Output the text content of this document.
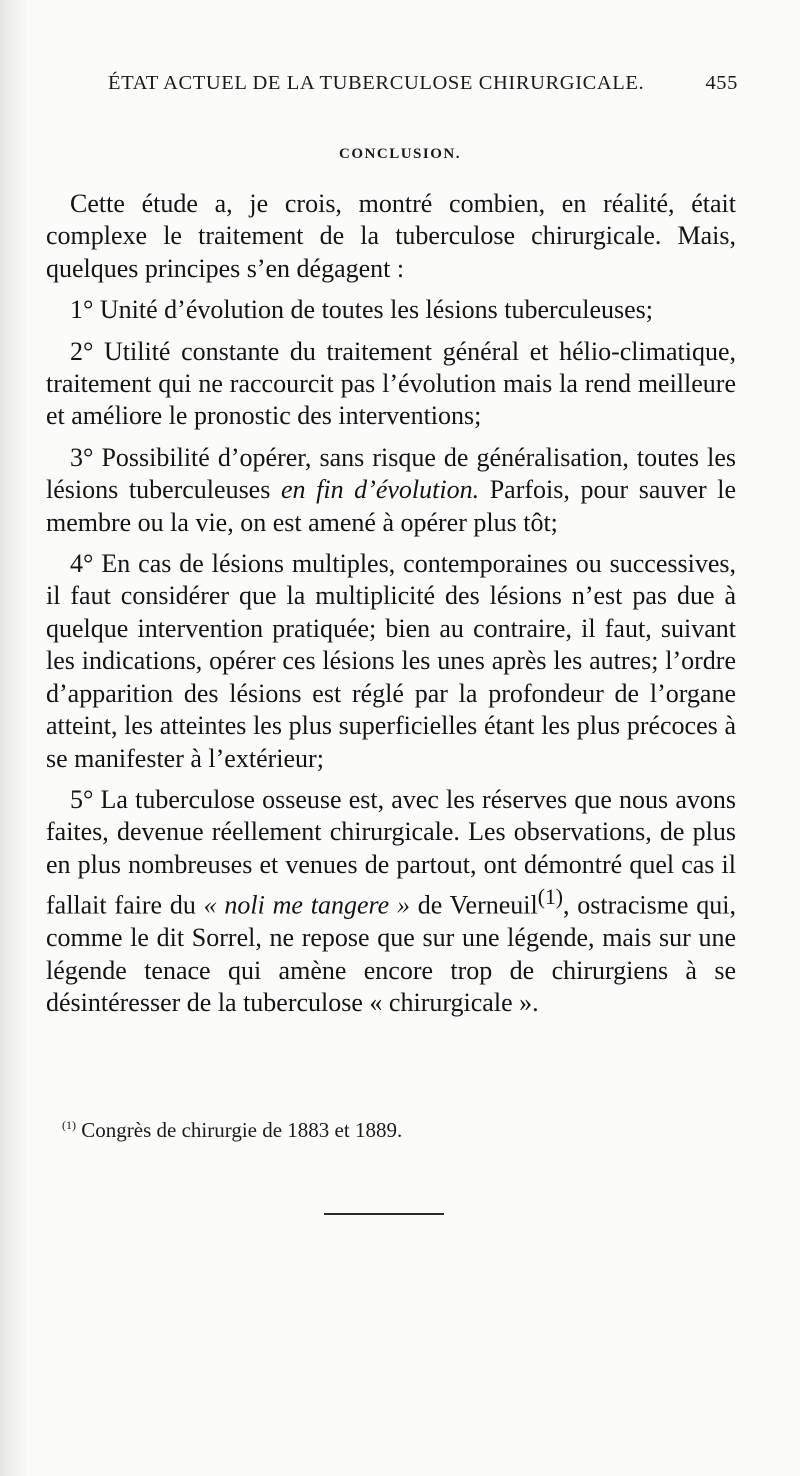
ÉTAT ACTUEL DE LA TUBERCULOSE CHIRURGICALE.	455
CONCLUSION.

Cette étude a, je crois, montré combien, en réalité, était complexe le traitement de la tuberculose chirurgicale. Mais, quelques principes s’en dégagent :

1° Unité d’évolution de toutes les lésions tuberculeuses;

2° Utilité constante du traitement général et hélio-climatique, traitement qui ne raccourcit pas l’évolution mais la rend meilleure et améliore le pronostic des interventions;

3° Possibilité d’opérer, sans risque de généralisation, toutes les lésions tuberculeuses en fin d’évolution. Parfois, pour sauver le membre ou la vie, on est amené à opérer plus tôt;

4° En cas de lésions multiples, contemporaines ou successives, il faut considérer que la multiplicité des lésions n’est pas due à quelque intervention pratiquée; bien au contraire, il faut, suivant les indications, opérer ces lésions les unes après les autres; l’ordre d’apparition des lésions est réglé par la profondeur de l’organe atteint, les atteintes les plus superficielles étant les plus précoces à se manifester à l’extérieur;

5° La tuberculose osseuse est, avec les réserves que nous avons faites, devenue réellement chirurgicale. Les observations, de plus en plus nombreuses et venues de partout, ont démontré quel cas il fallait faire du « noli me tangere » de Verneuil$^{(1)}$, ostracisme qui, comme le dit Sorrel, ne repose que sur une légende, mais sur une légende tenace qui amène encore trop de chirurgiens à se désintéresser de la tuberculose « chirurgicale ».

$^{(1)}$ Congrès de chirurgie de 1883 et 1889.
